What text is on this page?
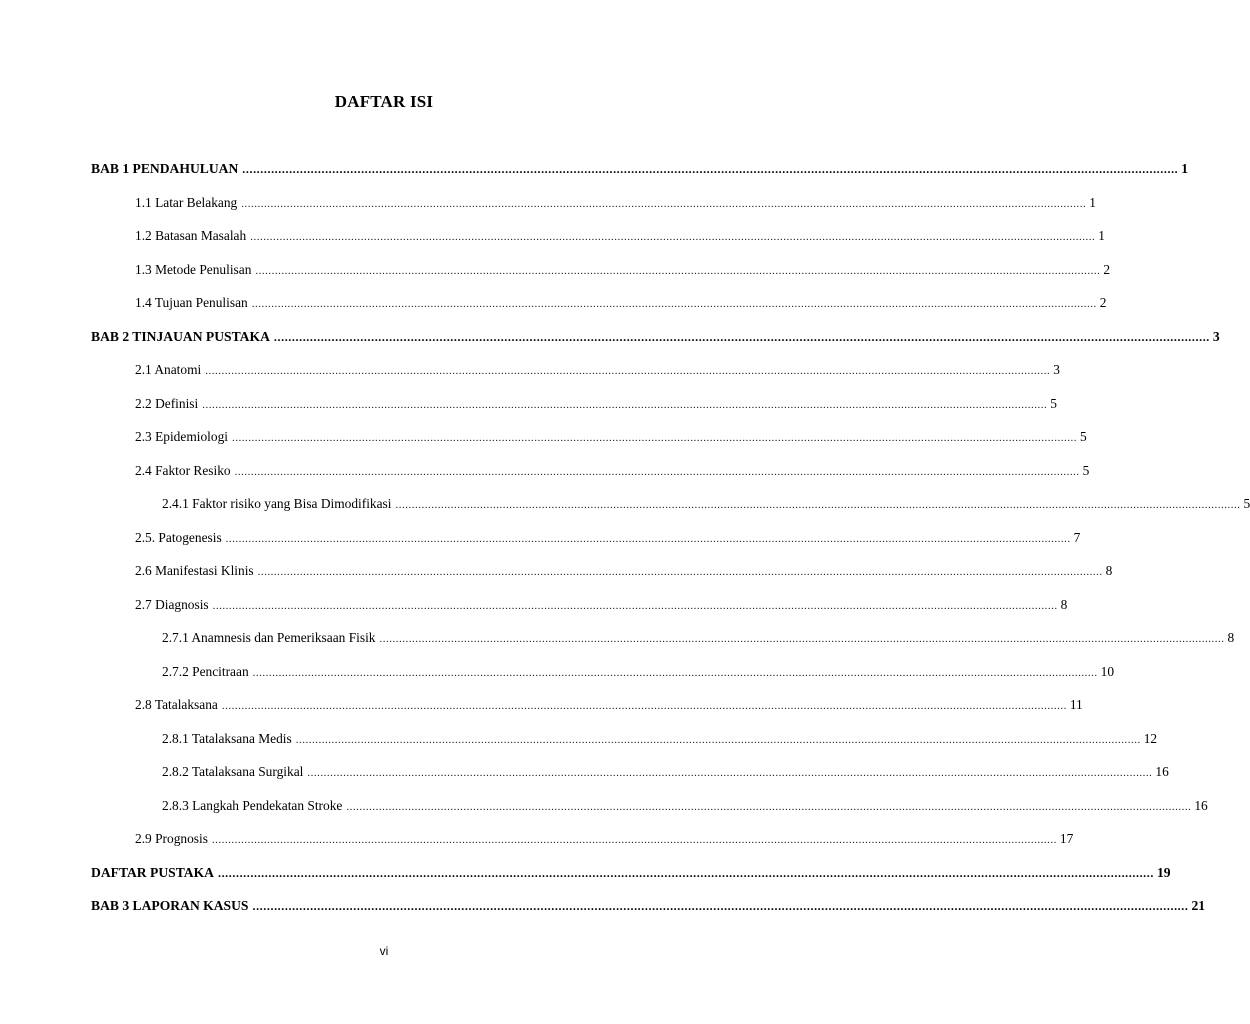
DAFTAR ISI
BAB 1 PENDAHULUAN .................................................................................................................................................................................................................................................................... 1
1.1 Latar Belakang .................................................................................................................................................................................................................................................................... 1
1.2 Batasan Masalah .................................................................................................................................................................................................................................................................... 1
1.3 Metode Penulisan .................................................................................................................................................................................................................................................................... 2
1.4 Tujuan Penulisan .................................................................................................................................................................................................................................................................... 2
BAB 2 TINJAUAN PUSTAKA .................................................................................................................................................................................................................................................................... 3
2.1 Anatomi .................................................................................................................................................................................................................................................................... 3
2.2 Definisi .................................................................................................................................................................................................................................................................... 5
2.3 Epidemiologi .................................................................................................................................................................................................................................................................... 5
2.4 Faktor Resiko .................................................................................................................................................................................................................................................................... 5
2.4.1 Faktor risiko yang Bisa Dimodifikasi .................................................................................................................................................................................................................................................................... 5
2.5. Patogenesis .................................................................................................................................................................................................................................................................... 7
2.6 Manifestasi Klinis .................................................................................................................................................................................................................................................................... 8
2.7 Diagnosis .................................................................................................................................................................................................................................................................... 8
2.7.1 Anamnesis dan Pemeriksaan Fisik .................................................................................................................................................................................................................................................................... 8
2.7.2 Pencitraan .................................................................................................................................................................................................................................................................... 10
2.8 Tatalaksana .................................................................................................................................................................................................................................................................... 11
2.8.1 Tatalaksana Medis .................................................................................................................................................................................................................................................................... 12
2.8.2 Tatalaksana Surgikal .................................................................................................................................................................................................................................................................... 16
2.8.3 Langkah Pendekatan Stroke .................................................................................................................................................................................................................................................................... 16
2.9 Prognosis .................................................................................................................................................................................................................................................................... 17
DAFTAR PUSTAKA .................................................................................................................................................................................................................................................................... 19
BAB 3 LAPORAN KASUS .................................................................................................................................................................................................................................................................... 21
vi
